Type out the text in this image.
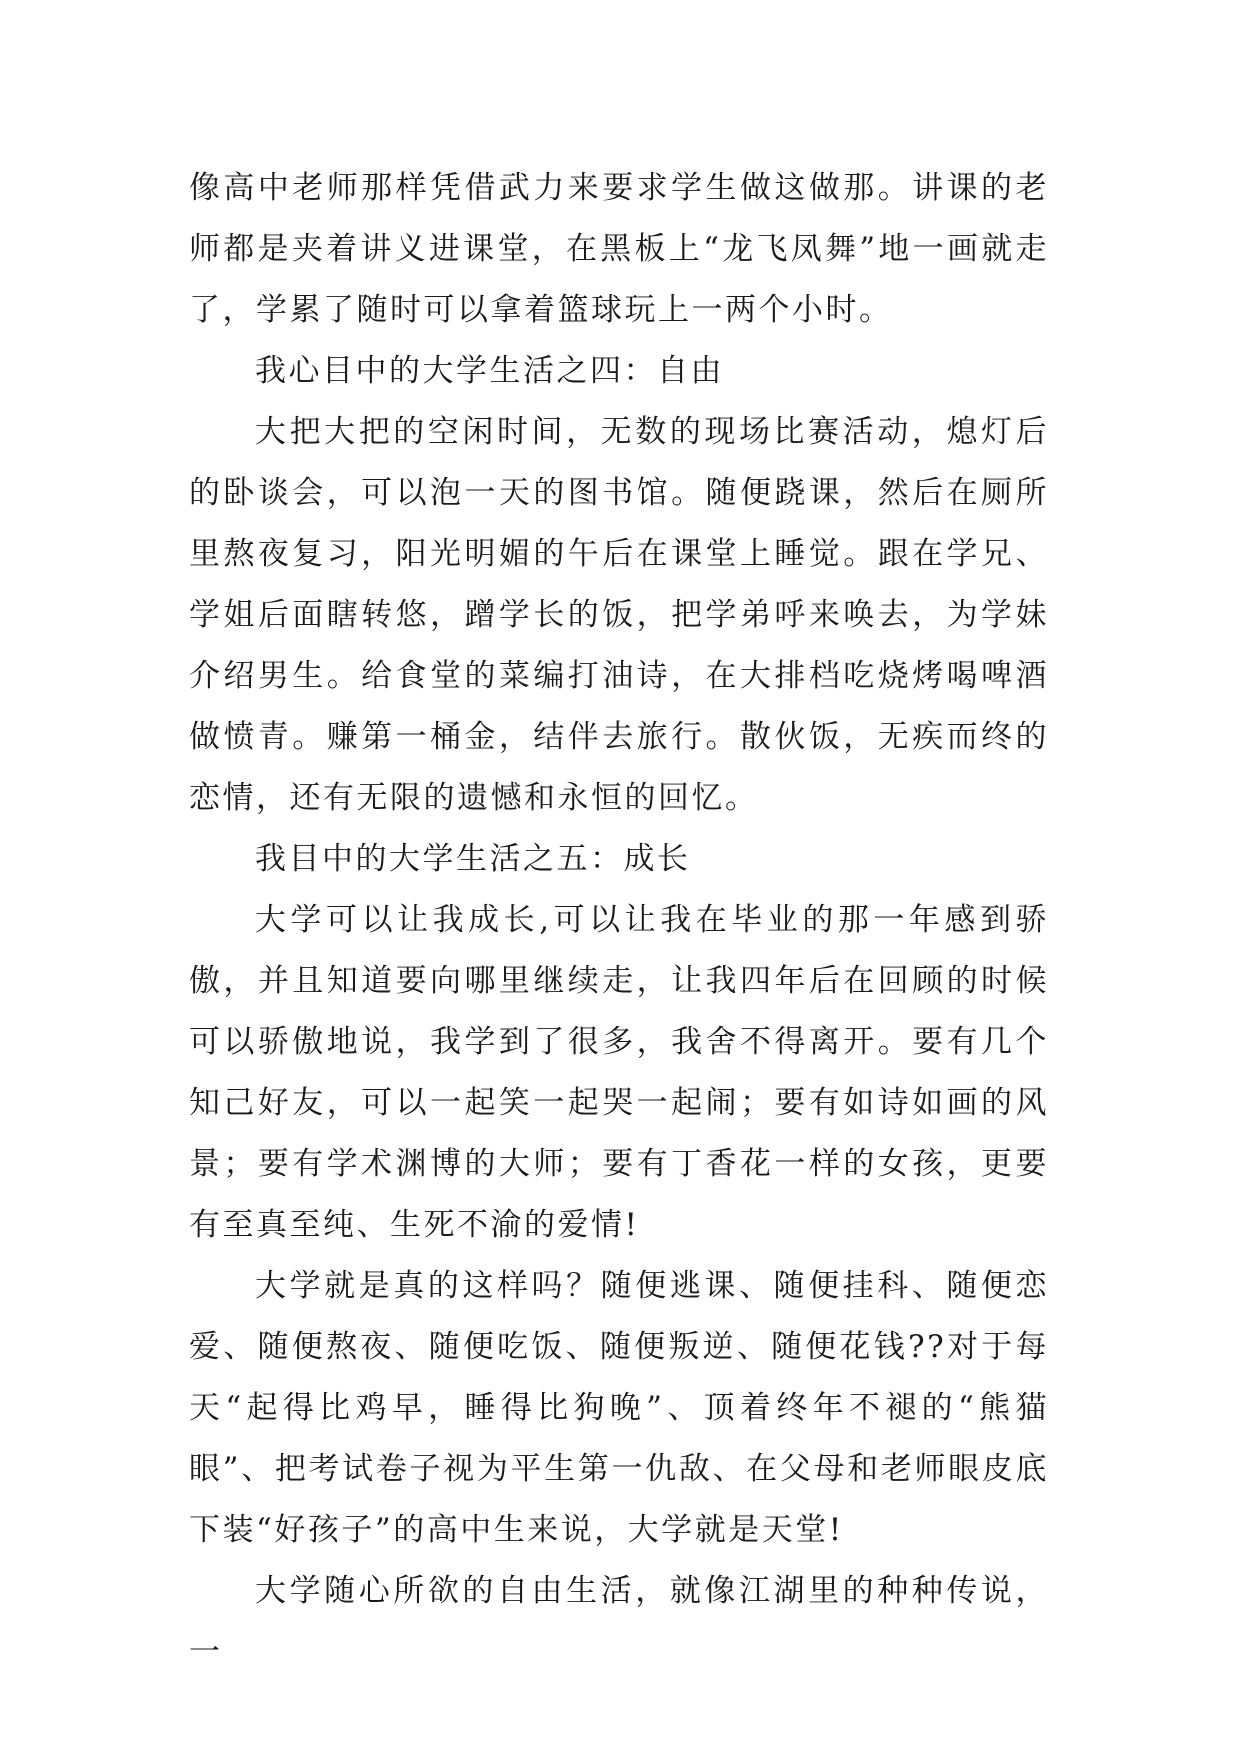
像高中老师那样凭借武力来要求学生做这做那。讲课的老师都是夹着讲义进课堂，在黑板上“龙飞凤舞”地一画就走了，学累了随时可以拿着篮球玩上一两个小时。

我心目中的大学生活之四：自由

大把大把的空闲时间，无数的现场比赛活动，熄灯后的卧谈会，可以泡一天的图书馆。随便跷课，然后在厕所里熬夜复习，阳光明媚的午后在课堂上睡觉。跟在学兄、学姐后面瞎转悠，蹭学长的饭，把学弟呼来唤去，为学妹介绍男生。给食堂的菜编打油诗，在大排档吃烧烤喝啤酒做愤青。赚第一桶金，结伴去旅行。散伙饭，无疾而终的恋情，还有无限的遗憾和永恒的回忆。

我目中的大学生活之五：成长

大学可以让我成长,可以让我在毕业的那一年感到骄傲，并且知道要向哪里继续走，让我四年后在回顾的时候可以骄傲地说，我学到了很多，我舍不得离开。要有几个知己好友，可以一起笑一起哭一起闹；要有如诗如画的风景；要有学术渊博的大师；要有丁香花一样的女孩，更要有至真至纯、生死不渝的爱情!

大学就是真的这样吗？随便逃课、随便挂科、随便恋爱、随便熬夜、随便吃饭、随便叛逆、随便花钱??对于每天“起得比鸡早，睡得比狗晚”、顶着终年不褪的“熊猫眼”、把考试卷子视为平生第一仇敌、在父母和老师眼皮底下装“好孩子”的高中生来说，大学就是天堂!

大学随心所欲的自由生活，就像江湖里的种种传说，一
